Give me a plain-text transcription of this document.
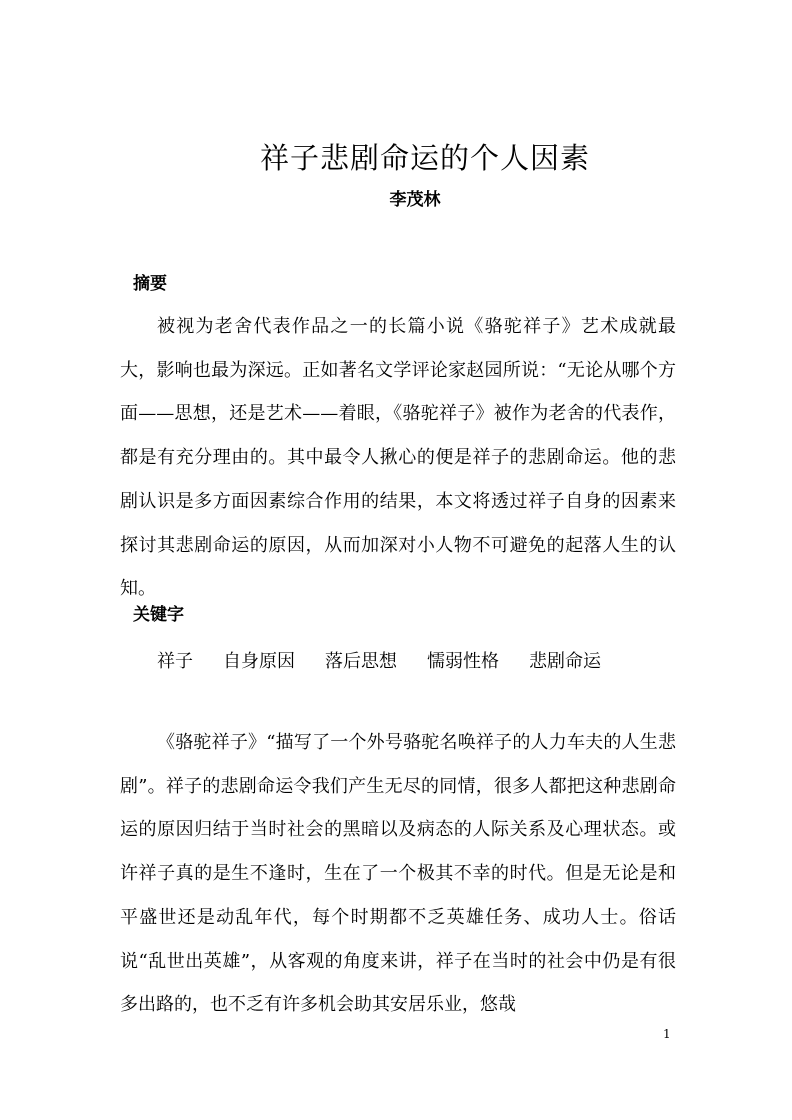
祥子悲剧命运的个人因素
李茂林
摘要

被视为老舍代表作品之一的长篇小说《骆驼祥子》艺术成就最大，影响也最为深远。正如著名文学评论家赵园所说：“无论从哪个方面——思想，还是艺术——着眼，《骆驼祥子》被作为老舍的代表作，都是有充分理由的。其中最令人揪心的便是祥子的悲剧命运。他的悲剧认识是多方面因素综合作用的结果，本文将透过祥子自身的因素来探讨其悲剧命运的原因，从而加深对小人物不可避免的起落人生的认知。

关键字
祥子 自身原因 落后思想 懦弱性格 悲剧命运

《骆驼祥子》“描写了一个外号骆驼名唤祥子的人力车夫的人生悲剧”。祥子的悲剧命运令我们产生无尽的同情，很多人都把这种悲剧命运的原因归结于当时社会的黑暗以及病态的人际关系及心理状态。或许祥子真的是生不逢时，生在了一个极其不幸的时代。但是无论是和平盛世还是动乱年代，每个时期都不乏英雄任务、成功人士。俗话说“乱世出英雄”，从客观的角度来讲，祥子在当时的社会中仍是有很多出路的，也不乏有许多机会助其安居乐业，悠哉

1
